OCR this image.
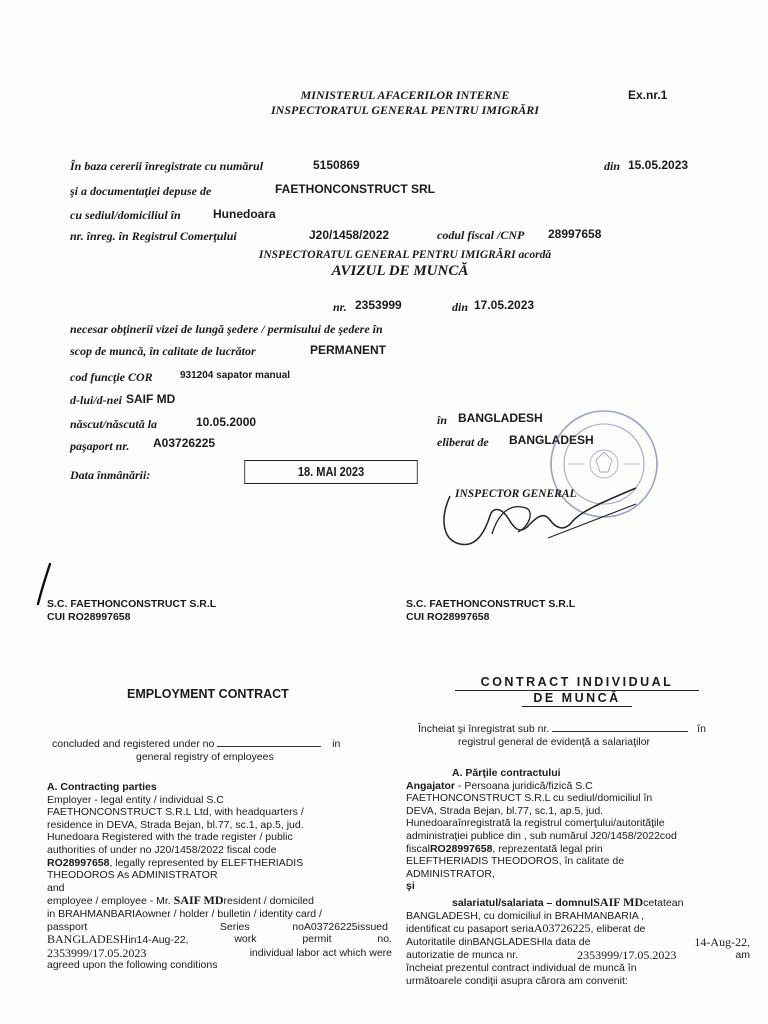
MINISTERUL AFACERILOR INTERNE
INSPECTORATUL GENERAL PENTRU IMIGRĂRI
Ex.nr.1
În baza cererii înregistrate cu numărul	5150869	din 15.05.2023
şi a documentaţiei depuse de	FAETHONCONSTRUCT SRL
cu sediul/domiciliul în	Hunedoara
nr. înreg. în Registrul Comerţului	J20/1458/2022	codul fiscal /CNP 28997658
INSPECTORATUL GENERAL PENTRU IMIGRĂRI acordă
AVIZUL DE MUNCĂ
nr. 2353999	din 17.05.2023
necesar obţinerii vizei de lungă şedere / permisului de şedere în
scop de muncă, în calitate de lucrător	PERMANENT
cod funcţie COR	931204 sapator manual
d-lui/d-nei SAIF MD
născut/născută la	10.05.2000	în BANGLADESH
paşaport nr. A03726225	eliberat de BANGLADESH
Data înmânării:	18. MAI 2023
INSPECTOR GENERAL
S.C. FAETHONCONSTRUCT S.R.L
CUI RO28997658
EMPLOYMENT CONTRACT

concluded and registered under no	in

general registry of employees

A. Contracting parties

Employer - legal entity / individual S.C

FAETHONCONSTRUCT S.R.L Ltd, with headquarters /

residence in DEVA, Strada Bejan, bl.77, sc.1, ap.5, jud.

Hunedoara Registered with the trade register / public

authorities of under no J20/1458/2022 fiscal code

RO28997658, legally represented by ELEFTHERIADIS

THEODOROS As ADMINISTRATOR

and

employee / employee - Mr. SAIF MDresident / domiciled

in BRAHMANBARIAowner / holder / bulletin / identity card /

passport	Series	noA03726225issued

BANGLADESHin14-Aug-22,	work	permit	no.

2353999/17.05.2023	individual labor act which were

agreed upon the following conditions

S.C. FAETHONCONSTRUCT S.R.L
CUI RO28997658
CONTRACT INDIVIDUAL
DE MUNCĂ

Încheiat şi înregistrat sub nr.	în

registrul general de evidenţă a salariaţilor

A. Părţile contractului

Angajator - Persoana juridică/fizică S.C

FAETHONCONSTRUCT S.R.L cu sediul/domiciliul în

DEVA, Strada Bejan, bl.77, sc.1, ap.5, jud.

Hunedoaraînregistrată la registrul comerţului/autorităţile

administraţiei publice din , sub numărul J20/1458/2022cod

fiscalRO28997658, reprezentată legal prin

ELEFTHERIADIS THEODOROS, în calitate de

ADMINISTRATOR,

şi

salariatul/salariata – domnulSAIF MDcetatean

BANGLADESH, cu domiciliul in BRAHMANBARIA ,

identificat cu pasaport seriaA03726225, eliberat de

Autoritatile dinBANGLADESHla data de	14-Aug-22,

autorizatie de munca nr.	2353999/17.05.2023	am

încheiat prezentul contract individual de muncă în

următoarele condiţii asupra cărora am convenit:
